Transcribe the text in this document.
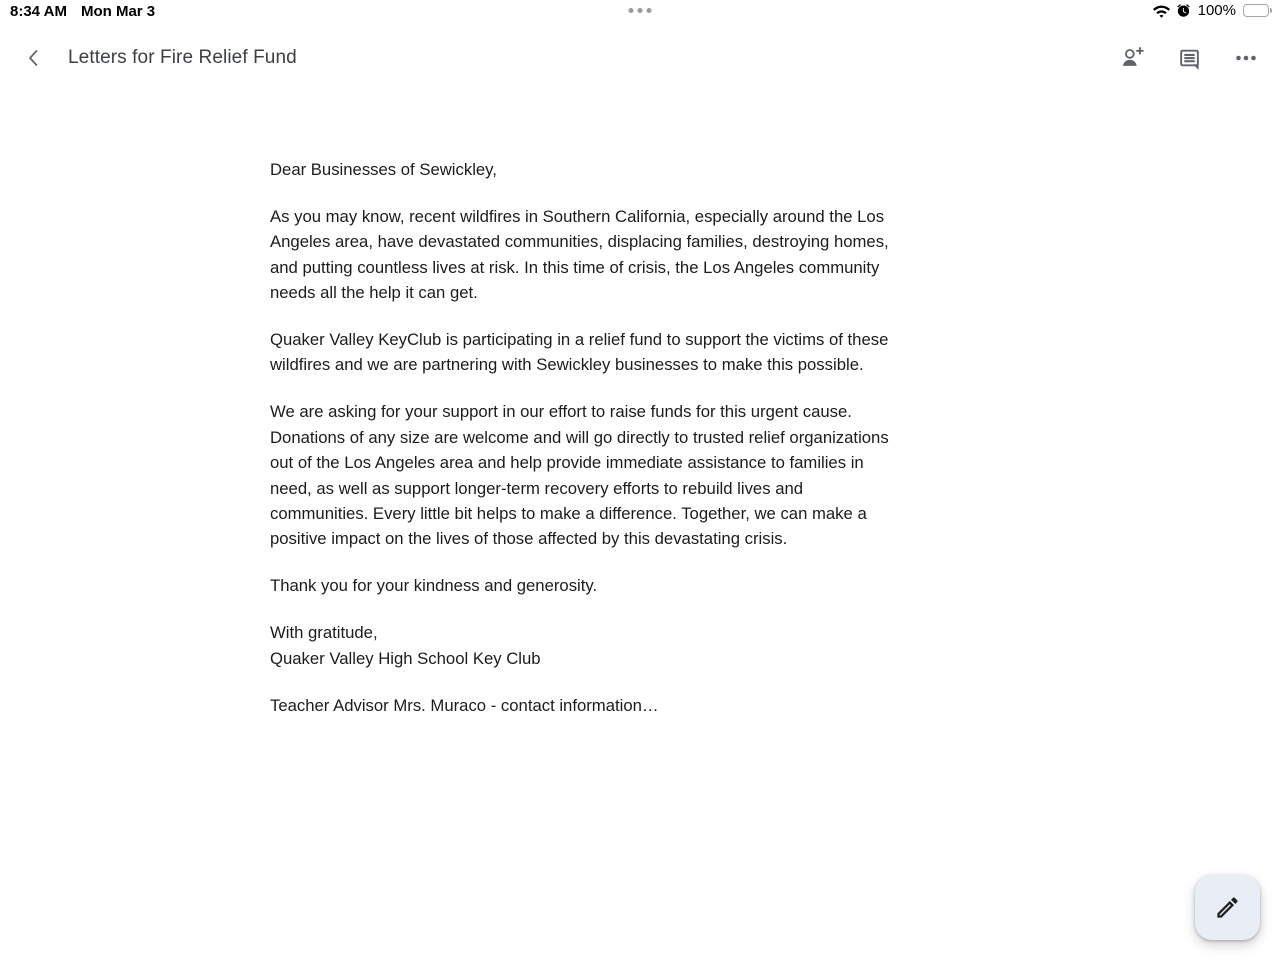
8:34 AM Mon Mar 3	100%
Letters for Fire Relief Fund

Dear Businesses of Sewickley,

As you may know, recent wildfires in Southern California, especially around the Los
Angeles area, have devastated communities, displacing families, destroying homes,
and putting countless lives at risk. In this time of crisis, the Los Angeles community
needs all the help it can get.

Quaker Valley KeyClub is participating in a relief fund to support the victims of these
wildfires and we are partnering with Sewickley businesses to make this possible.

We are asking for your support in our effort to raise funds for this urgent cause.
Donations of any size are welcome and will go directly to trusted relief organizations
out of the Los Angeles area and help provide immediate assistance to families in
need, as well as support longer-term recovery efforts to rebuild lives and
communities. Every little bit helps to make a difference. Together, we can make a
positive impact on the lives of those affected by this devastating crisis.

Thank you for your kindness and generosity.

With gratitude,
Quaker Valley High School Key Club

Teacher Advisor Mrs. Muraco - contact information…
